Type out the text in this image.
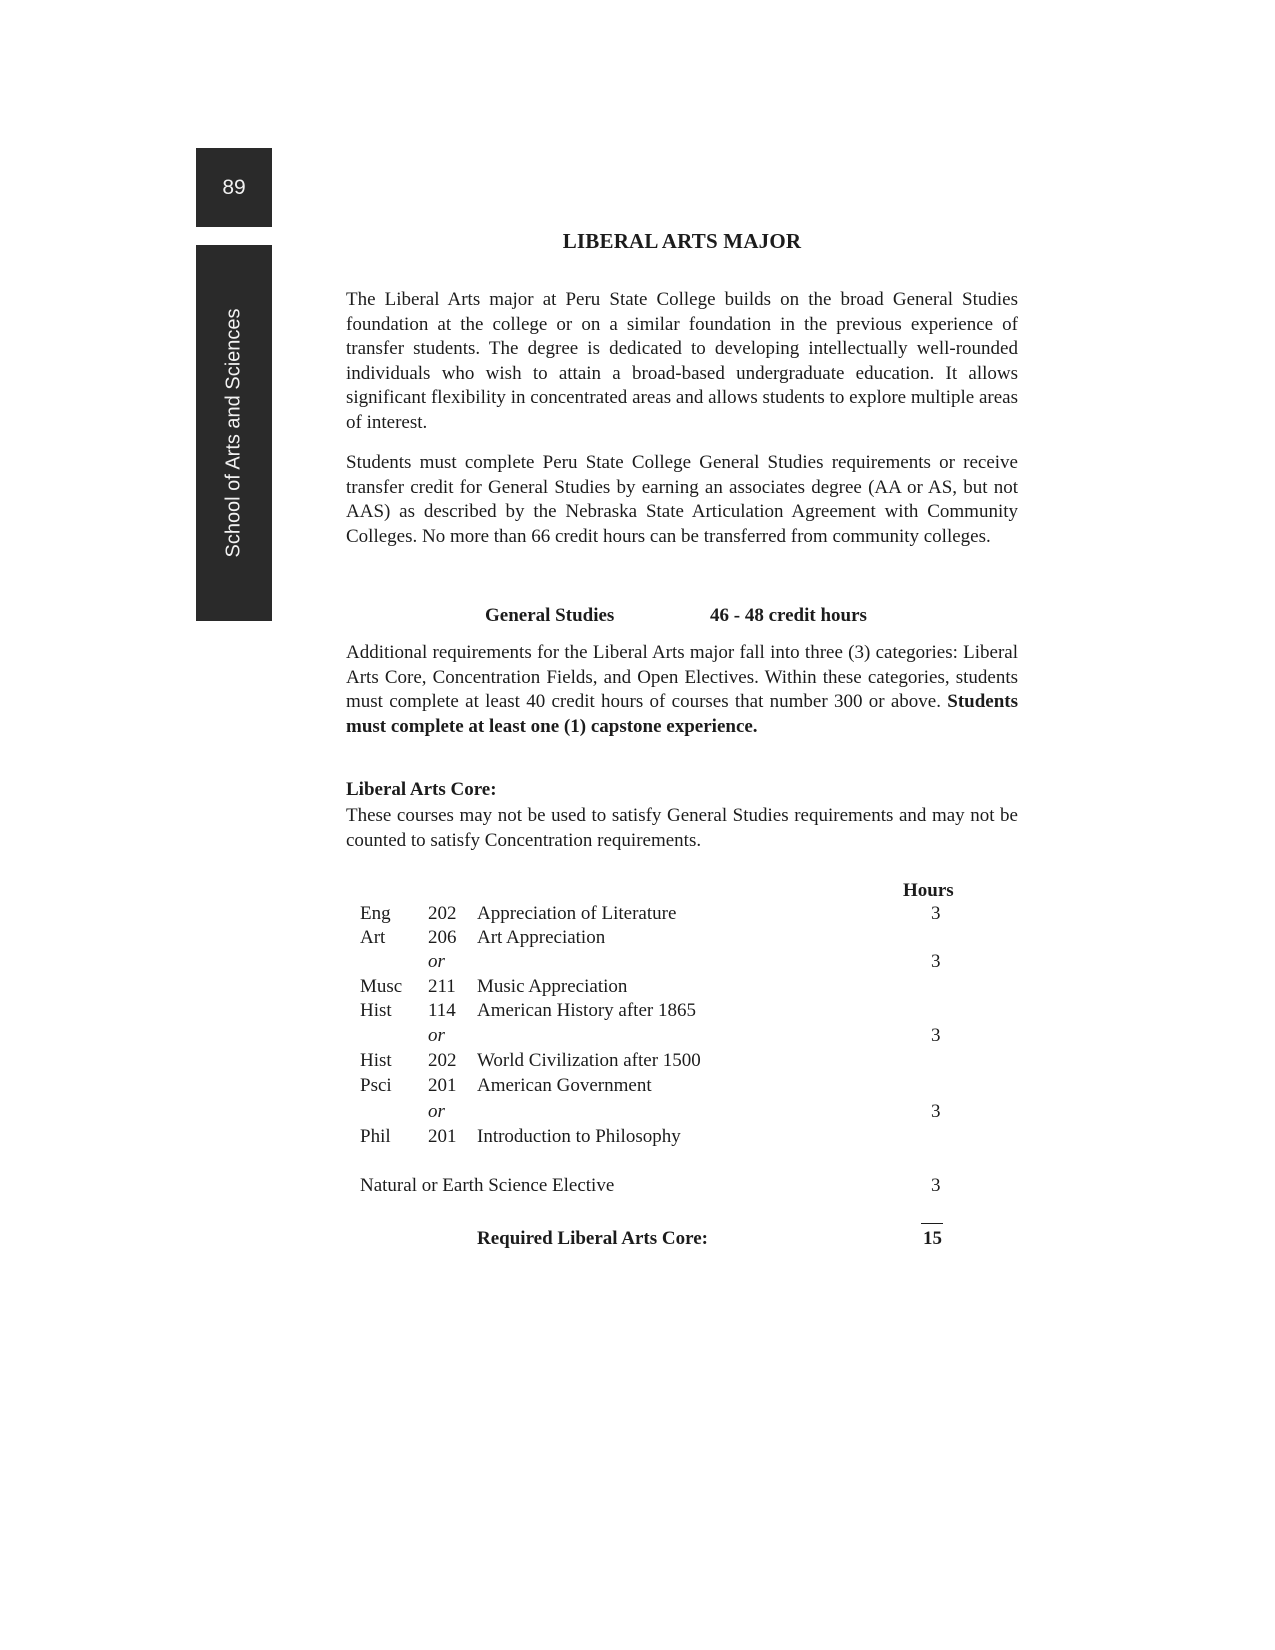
89
School of Arts and Sciences
LIBERAL ARTS MAJOR

The Liberal Arts major at Peru State College builds on the broad General Studies foundation at the college or on a similar foundation in the previous experience of transfer students. The degree is dedicated to developing intellectually well-rounded individuals who wish to attain a broad-based undergraduate education. It allows significant flexibility in concentrated areas and allows students to explore multiple areas of interest.

Students must complete Peru State College General Studies requirements or receive transfer credit for General Studies by earning an associates degree (AA or AS, but not AAS) as described by the Nebraska State Articulation Agreement with Community Colleges. No more than 66 credit hours can be transferred from community colleges.

General Studies	46 - 48 credit hours

Additional requirements for the Liberal Arts major fall into three (3) categories: Liberal Arts Core, Concentration Fields, and Open Electives. Within these categories, students must complete at least 40 credit hours of courses that number 300 or above. Students must complete at least one (1) capstone experience.

Liberal Arts Core:

These courses may not be used to satisfy General Studies requirements and may not be counted to satisfy Concentration requirements.

Hours
Eng 202 Appreciation of Literature	3
Art 206 Art Appreciation
or	3
Musc 211 Music Appreciation
Hist 114 American History after 1865
or	3
Hist 202 World Civilization after 1500
Psci 201 American Government
or	3
Phil 201 Introduction to Philosophy
Natural or Earth Science Elective	3
Required Liberal Arts Core:	15
